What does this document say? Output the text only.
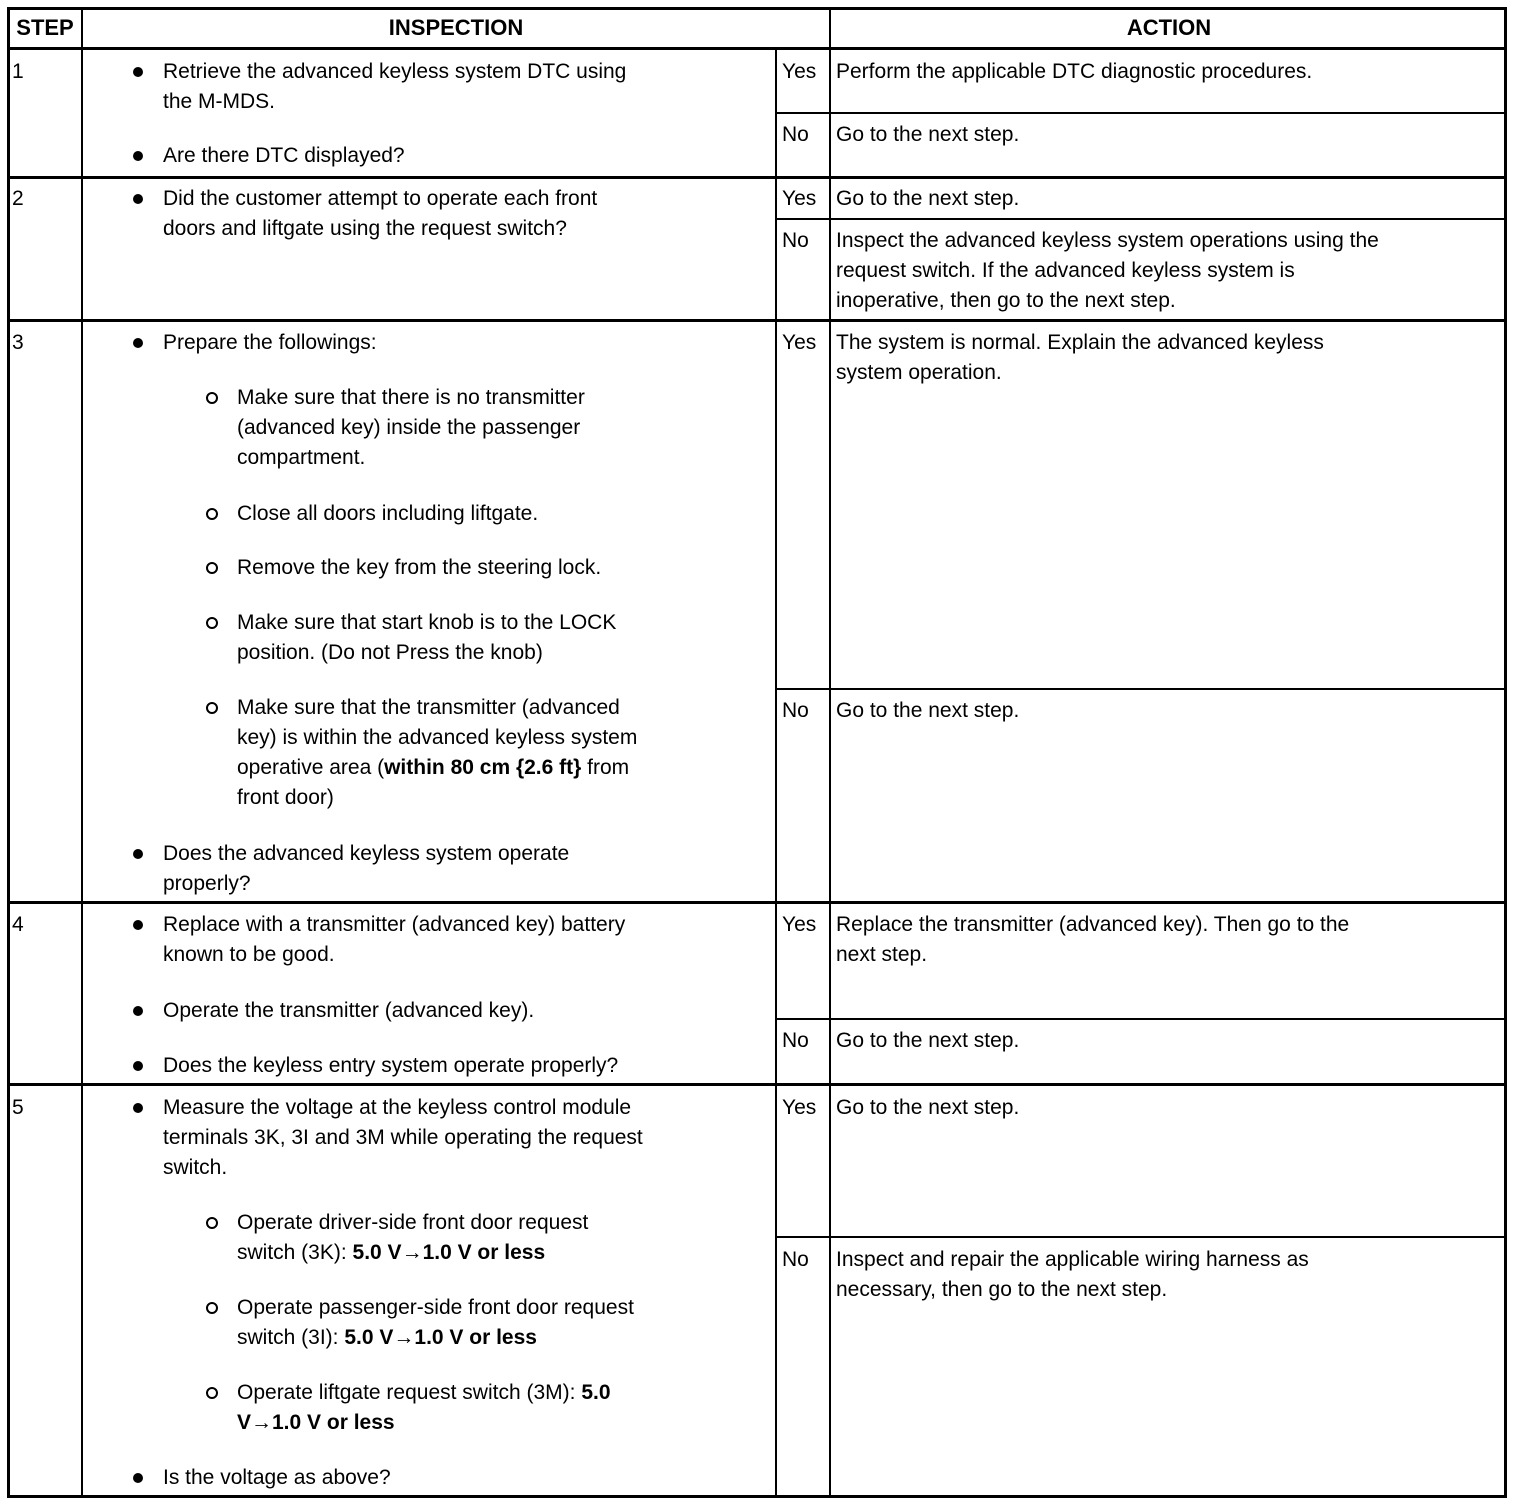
STEP	INSPECTION	ACTION
1	Retrieve the advanced keyless system DTC using
the M-MDS.
Are there DTC displayed?
Yes Perform the applicable DTC diagnostic procedures.
No Go to the next step.
2	Did the customer attempt to operate each front
doors and liftgate using the request switch?
Yes Go to the next step.
No Inspect the advanced keyless system operations using the
request switch. If the advanced keyless system is
inoperative, then go to the next step.
3	Prepare the followings:
Make sure that there is no transmitter
(advanced key) inside the passenger
compartment.
Close all doors including liftgate.
Remove the key from the steering lock.
Make sure that start knob is to the LOCK
position. (Do not Press the knob)
Make sure that the transmitter (advanced
key) is within the advanced keyless system
operative area (within 80 cm {2.6 ft} from
front door)
Does the advanced keyless system operate
properly?
Yes The system is normal. Explain the advanced keyless
system operation.
No Go to the next step.
4	Replace with a transmitter (advanced key) battery
known to be good.
Operate the transmitter (advanced key).
Does the keyless entry system operate properly?
Yes Replace the transmitter (advanced key). Then go to the
next step.
No Go to the next step.
5	Measure the voltage at the keyless control module
terminals 3K, 3I and 3M while operating the request
switch.
Operate driver-side front door request
switch (3K): 5.0 V→1.0 V or less
Operate passenger-side front door request
switch (3I): 5.0 V→1.0 V or less
Operate liftgate request switch (3M): 5.0
V→1.0 V or less
Is the voltage as above?
Yes Go to the next step.
No Inspect and repair the applicable wiring harness as
necessary, then go to the next step.
